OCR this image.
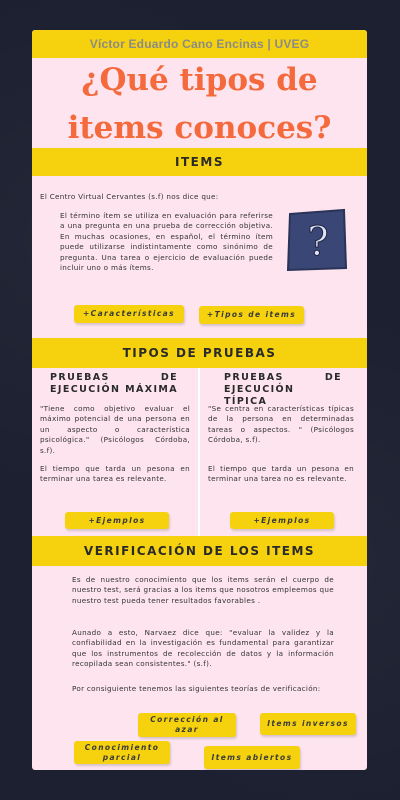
Víctor Eduardo Cano Encinas | UVEG
¿Qué tipos de
items conoces?
ITEMS

El Centro Virtual Cervantes (s.f) nos dice que:

El término ítem se utiliza en evaluación para referirse a una pregunta en una prueba de corrección objetiva. En muchas ocasiones, en español, el término ítem puede utilizarse indistintamente como sinónimo de pregunta. Una tarea o ejercicio de evaluación puede incluir uno o más ítems.

?
+Características	+Tipos de items
TIPOS DE PRUEBAS
PRUEBAS DE EJECUCIÓN MÁXIMA

"Tiene como objetivo evaluar el máximo potencial de una persona en un aspecto o característica psicológica." (Psicólogos Córdoba, s.f).

El tiempo que tarda un pesona en terminar una tarea es relevante.

+Ejemplos
PRUEBAS DE EJECUCIÓN TÍPICA

"Se centra en características típicas de la persona en determinadas tareas o aspectos. " (Psicólogos Córdoba, s.f).

El tiempo que tarda un pesona en terminar una tarea no es relevante.

+Ejemplos
VERIFICACIÓN DE LOS ITEMS

Es de nuestro conocimiento que los items serán el cuerpo de nuestro test, será gracias a los items que nosotros empleemos que nuestro test pueda tener resultados favorables .

Aunado a esto, Narvaez dice que: "evaluar la validez y la confiabilidad en la investigación es fundamental para garantizar que los instrumentos de recolección de datos y la información recopilada sean consistentes." (s.f).

Por consiguiente tenemos las siguientes teorías de verificación:

Corrección al azar
Items inversos
Conocimiento parcial	Items abiertos
